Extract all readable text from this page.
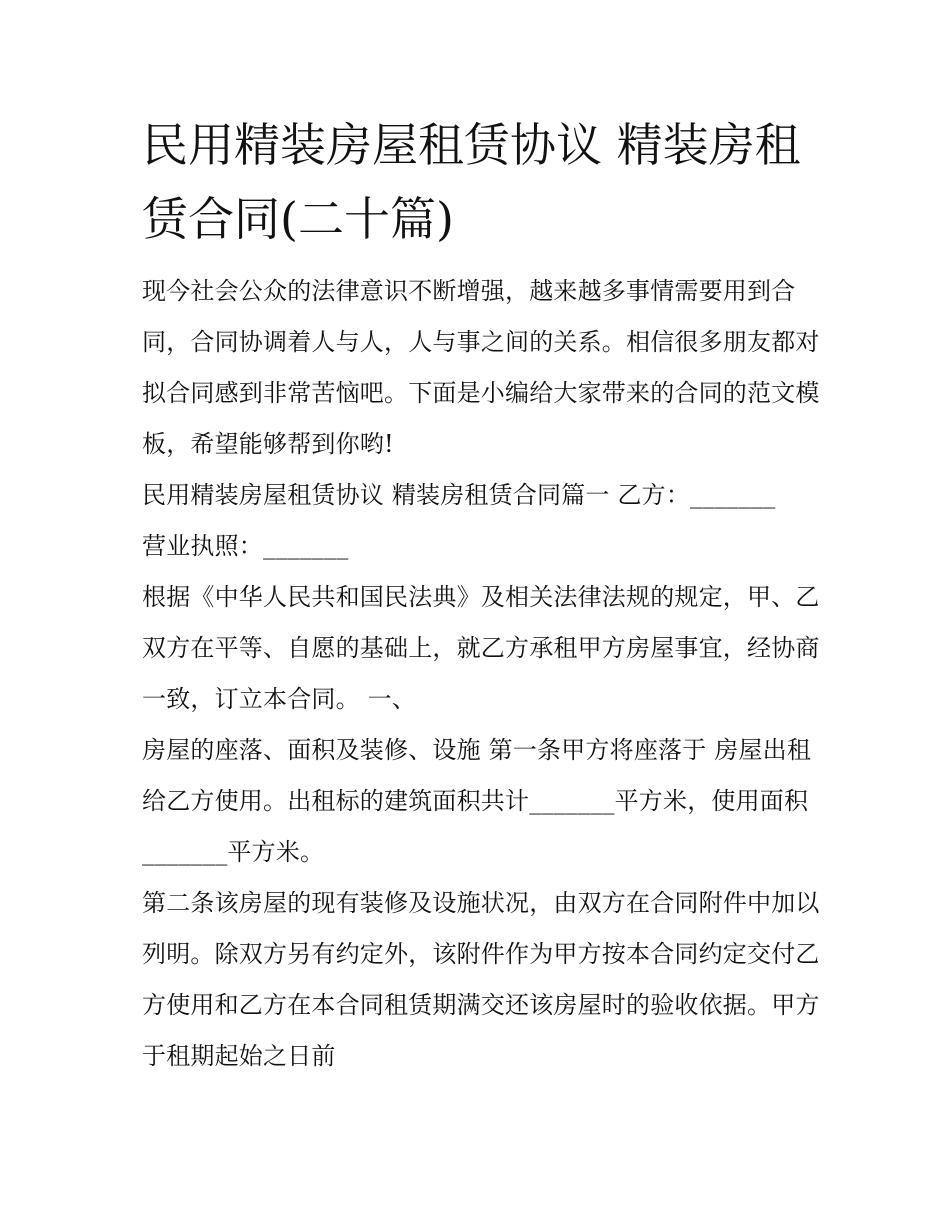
民用精装房屋租赁协议 精装房租赁合同(二十篇)

现今社会公众的法律意识不断增强，越来越多事情需要用到合同，合同协调着人与人，人与事之间的关系。相信很多朋友都对拟合同感到非常苦恼吧。下面是小编给大家带来的合同的范文模板，希望能够帮到你哟!

民用精装房屋租赁协议 精装房租赁合同篇一 乙方：_______

营业执照：_______

根据《中华人民共和国民法典》及相关法律法规的规定，甲、乙双方在平等、自愿的基础上，就乙方承租甲方房屋事宜，经协商一致，订立本合同。 一、

房屋的座落、面积及装修、设施 第一条甲方将座落于 房屋出租给乙方使用。出租标的建筑面积共计_______平方米，使用面积_______平方米。

第二条该房屋的现有装修及设施状况，由双方在合同附件中加以列明。除双方另有约定外，该附件作为甲方按本合同约定交付乙方使用和乙方在本合同租赁期满交还该房屋时的验收依据。甲方于租期起始之日前
